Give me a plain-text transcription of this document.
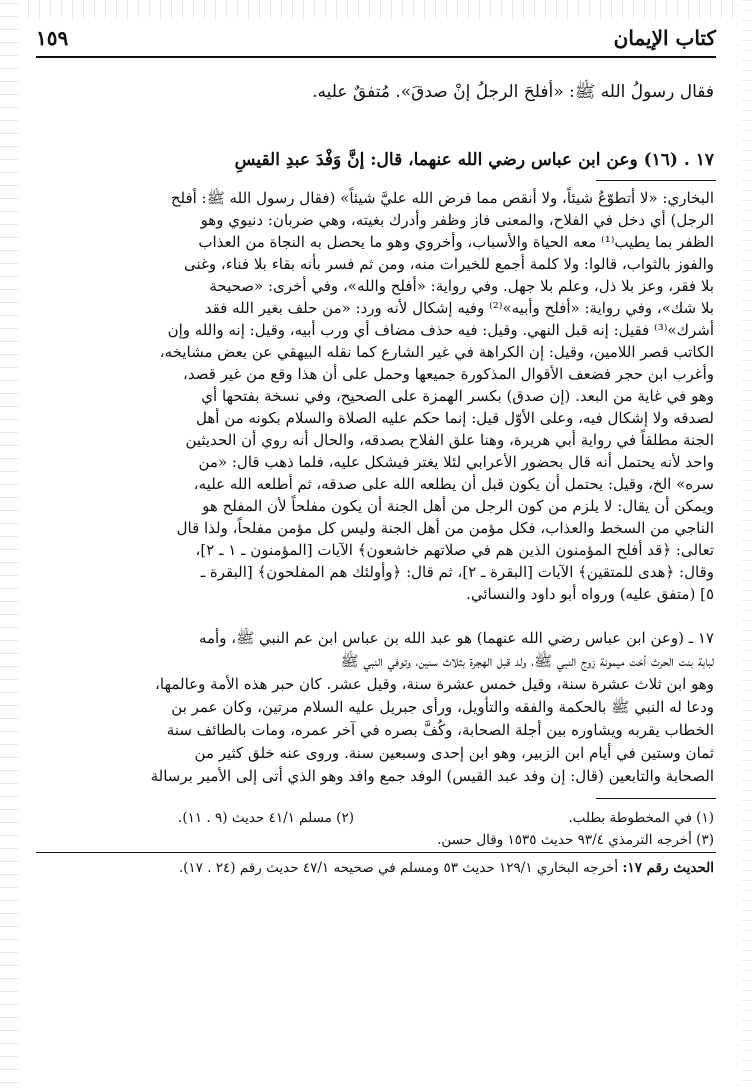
كتاب الإيمان
١٥٩
فقال رسولُ الله ﷺ: «أفلحَ الرجلُ إنْ صدقَ». مُتفقٌ عليه.
١٧ . (١٦) وعن ابن عباس رضي الله عنهما، قال: إنَّ وَفْدَ عبدِ القيسِ
البخاري: «لا أتطوّعُ شيئاً، ولا أنقص مما فرض الله عليَّ شيئاً» (فقال رسول الله ﷺ: أفلح
الرجل) أي دخل في الفلاح، والمعنى فاز وظفر وأدرك بغيته، وهي ضربان: دنيوي وهو
الظفر بما يطيب⁽¹⁾ معه الحياة والأسباب، وأخروي وهو ما يحصل به النجاة من العذاب
والفوز بالثواب، قالوا: ولا كلمة أجمع للخيرات منه، ومن ثم فسر بأنه بقاء بلا فناء، وغنى
بلا فقر، وعز بلا ذل، وعلم بلا جهل. وفي رواية: «أفلح والله»، وفي أخرى: «صحيحة
بلا شك»، وفي رواية: «أفلح وأبيه»⁽²⁾ وفيه إشكال لأنه ورد: «من حلف بغير الله فقد
أشرك»⁽³⁾ فقيل: إنه قبل النهي. وقيل: فيه حذف مضاف أي ورب أبيه، وقيل: إنه والله وإن
الكاتب قصر اللامين، وقيل: إن الكراهة في غير الشارع كما نقله البيهقي عن بعض مشايخه،
وأغرب ابن حجر فضعف الأقوال المذكورة جميعها وحمل على أن هذا وقع من غير قصد،
وهو في غاية من البعد. (إن صدق) بكسر الهمزة على الصحيح، وفي نسخة بفتحها أي
لصدقه ولا إشكال فيه، وعلى الأوّل قيل: إنما حكم عليه الصلاة والسلام بكونه من أهل
الجنة مطلقاً في رواية أبي هريرة، وهنا علق الفلاح بصدقه، والحال أنه روي أن الحديثين
واحد لأنه يحتمل أنه قال بحضور الأعرابي لئلا يغتر فيشكل عليه، فلما ذهب قال: «من
سره» الخ، وقيل: يحتمل أن يكون قبل أن يطلعه الله على صدقه، ثم أطلعه الله عليه،
ويمكن أن يقال: لا يلزم من كون الرجل من أهل الجنة أن يكون مفلحاً لأن المفلح هو
الناجي من السخط والعذاب، فكل مؤمن من أهل الجنة وليس كل مؤمن مفلحاً، ولذا قال
تعالى: ﴿قد أفلح المؤمنون الذين هم في صلاتهم خاشعون﴾ الآيات [المؤمنون ـ ١ ـ ٢]،
وقال: ﴿هدى للمتقين﴾ الآيات [البقرة ـ ٢]، ثم قال: ﴿وأولئك هم المفلحون﴾ [البقرة ـ
٥] (متفق عليه) ورواه أبو داود والنسائي.
١٧ ـ (وعن ابن عباس رضي الله عنهما) هو عبد الله بن عباس ابن عم النبي ﷺ، وأمه
لبابة بنت الحرث أخت ميمونة زوج النبي ﷺ، ولد قبل الهجرة بثلاث سنين، وتوفي النبي ﷺ
وهو ابن ثلاث عشرة سنة، وقيل خمس عشرة سنة، وقيل عشر. كان حبر هذه الأمة وعالمها،
ودعا له النبي ﷺ بالحكمة والفقه والتأويل، ورأى جبريل عليه السلام مرتين، وكان عمر بن
الخطاب يقربه ويشاوره بين أجلة الصحابة، وكُفَّ بصره في آخر عمره، ومات بالطائف سنة
ثمان وستين في أيام ابن الزبير، وهو ابن إحدى وسبعين سنة. وروى عنه خلق كثير من
الصحابة والتابعين (قال: إن وفد عبد القيس) الوفد جمع وافد وهو الذي أتى إلى الأمير برسالة
(١) في المخطوطة بطلب.
(٢) مسلم ٤١/١ حديث (٩ . ١١).
(٣) أخرجه الترمذي ٩٣/٤ حديث ١٥٣٥ وقال حسن.
الحديث رقم ١٧: أخرجه البخاري ١٢٩/١ حديث ٥٣ ومسلم في صحيحه ٤٧/١ حديث رقم (٢٤ . ١٧).
